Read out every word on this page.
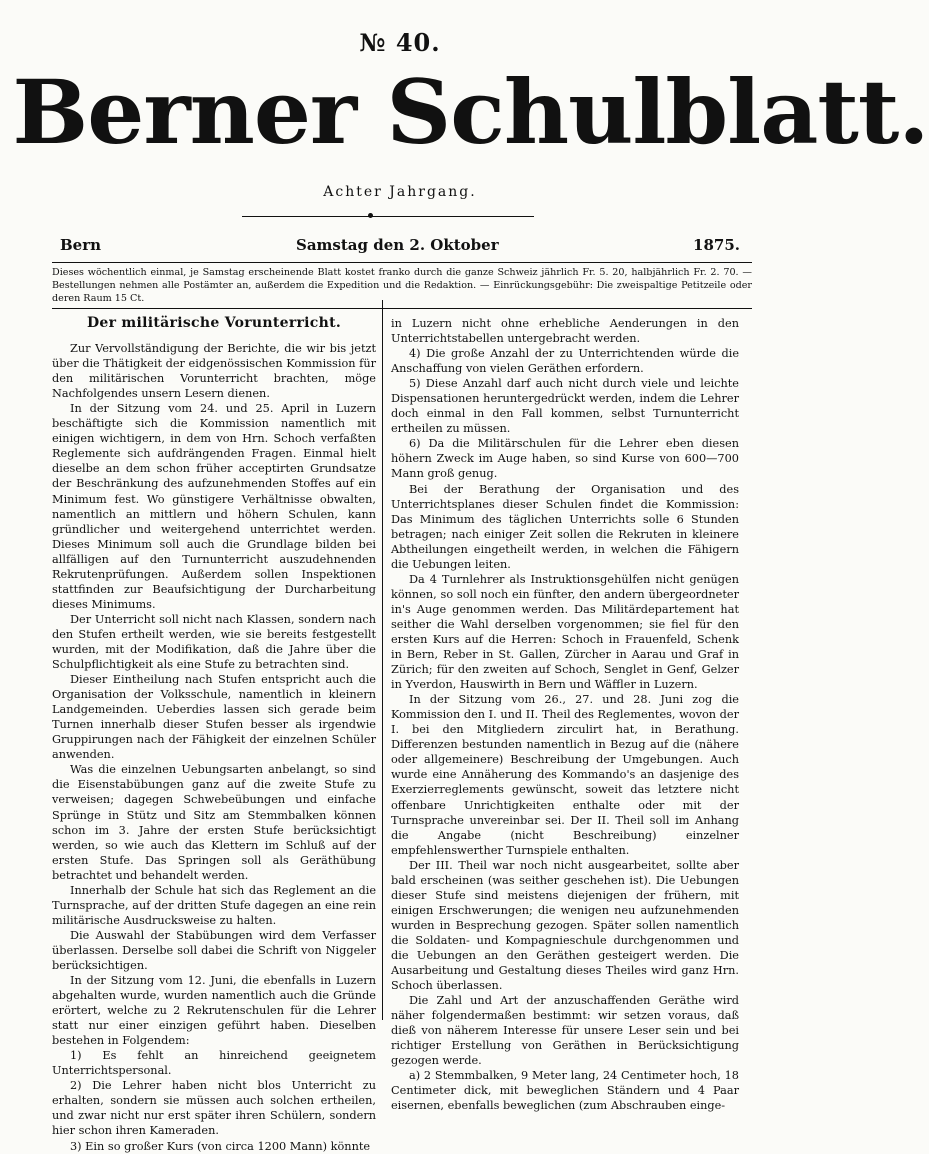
№ 40.
Berner Schulblatt.
Achter Jahrgang.
Bern	Samstag den 2. Oktober	1875.
Dieses wöchentlich einmal, je Samstag erscheinende Blatt kostet franko durch die ganze Schweiz jährlich Fr. 5. 20, halbjährlich Fr. 2. 70. — Bestellungen nehmen alle Postämter an, außerdem die Expedition und die Redaktion. — Einrückungsgebühr: Die zweispaltige Petitzeile oder deren Raum 15 Ct.
Der militärische Vorunterricht.

Zur Vervollständigung der Berichte, die wir bis jetzt über die Thätigkeit der eidgenössischen Kommission für den militärischen Vorunterricht brachten, möge Nachfolgendes unsern Lesern dienen.

In der Sitzung vom 24. und 25. April in Luzern beschäftigte sich die Kommission namentlich mit einigen wichtigern, in dem von Hrn. Schoch verfaßten Reglemente sich aufdrängenden Fragen. Einmal hielt dieselbe an dem schon früher acceptirten Grundsatze der Beschränkung des aufzunehmenden Stoffes auf ein Minimum fest. Wo günstigere Verhältnisse obwalten, namentlich an mittlern und höhern Schulen, kann gründlicher und weitergehend unterrichtet werden. Dieses Minimum soll auch die Grundlage bilden bei allfälligen auf den Turnunterricht auszudehnenden Rekrutenprüfungen. Außerdem sollen Inspektionen stattfinden zur Beaufsichtigung der Durcharbeitung dieses Minimums.

Der Unterricht soll nicht nach Klassen, sondern nach den Stufen ertheilt werden, wie sie bereits festgestellt wurden, mit der Modifikation, daß die Jahre über die Schulpflichtigkeit als eine Stufe zu betrachten sind.

Dieser Eintheilung nach Stufen entspricht auch die Organisation der Volksschule, namentlich in kleinern Landgemeinden. Ueberdies lassen sich gerade beim Turnen innerhalb dieser Stufen besser als irgendwie Gruppirungen nach der Fähigkeit der einzelnen Schüler anwenden.

Was die einzelnen Uebungsarten anbelangt, so sind die Eisenstabübungen ganz auf die zweite Stufe zu verweisen; dagegen Schwebeübungen und einfache Sprünge in Stütz und Sitz am Stemmbalken können schon im 3. Jahre der ersten Stufe berücksichtigt werden, so wie auch das Klettern im Schluß auf der ersten Stufe. Das Springen soll als Geräthübung betrachtet und behandelt werden.

Innerhalb der Schule hat sich das Reglement an die Turnsprache, auf der dritten Stufe dagegen an eine rein militärische Ausdrucksweise zu halten.

Die Auswahl der Stabübungen wird dem Verfasser überlassen. Derselbe soll dabei die Schrift von Niggeler berücksichtigen.

In der Sitzung vom 12. Juni, die ebenfalls in Luzern abgehalten wurde, wurden namentlich auch die Gründe erörtert, welche zu 2 Rekrutenschulen für die Lehrer statt nur einer einzigen geführt haben. Dieselben bestehen in Folgendem:

1) Es fehlt an hinreichend geeignetem Unterrichtspersonal.

2) Die Lehrer haben nicht blos Unterricht zu erhalten, sondern sie müssen auch solchen ertheilen, und zwar nicht nur erst später ihren Schülern, sondern hier schon ihren Kameraden.

3) Ein so großer Kurs (von circa 1200 Mann) könnte

in Luzern nicht ohne erhebliche Aenderungen in den Unterrichtstabellen untergebracht werden.

4) Die große Anzahl der zu Unterrichtenden würde die Anschaffung von vielen Geräthen erfordern.

5) Diese Anzahl darf auch nicht durch viele und leichte Dispensationen heruntergedrückt werden, indem die Lehrer doch einmal in den Fall kommen, selbst Turnunterricht ertheilen zu müssen.

6) Da die Militärschulen für die Lehrer eben diesen höhern Zweck im Auge haben, so sind Kurse von 600—700 Mann groß genug.

Bei der Berathung der Organisation und des Unterrichtsplanes dieser Schulen findet die Kommission: Das Minimum des täglichen Unterrichts solle 6 Stunden betragen; nach einiger Zeit sollen die Rekruten in kleinere Abtheilungen eingetheilt werden, in welchen die Fähigern die Uebungen leiten.

Da 4 Turnlehrer als Instruktionsgehülfen nicht genügen können, so soll noch ein fünfter, den andern übergeordneter in's Auge genommen werden. Das Militärdepartement hat seither die Wahl derselben vorgenommen; sie fiel für den ersten Kurs auf die Herren: Schoch in Frauenfeld, Schenk in Bern, Reber in St. Gallen, Zürcher in Aarau und Graf in Zürich; für den zweiten auf Schoch, Senglet in Genf, Gelzer in Yverdon, Hauswirth in Bern und Wäffler in Luzern.

In der Sitzung vom 26., 27. und 28. Juni zog die Kommission den I. und II. Theil des Reglementes, wovon der I. bei den Mitgliedern zirculirt hat, in Berathung. Differenzen bestunden namentlich in Bezug auf die (nähere oder allgemeinere) Beschreibung der Umgebungen. Auch wurde eine Annäherung des Kommando's an dasjenige des Exerzierreglements gewünscht, soweit das letztere nicht offenbare Unrichtigkeiten enthalte oder mit der Turnsprache unvereinbar sei. Der II. Theil soll im Anhang die Angabe (nicht Beschreibung) einzelner empfehlenswerther Turnspiele enthalten.

Der III. Theil war noch nicht ausgearbeitet, sollte aber bald erscheinen (was seither geschehen ist). Die Uebungen dieser Stufe sind meistens diejenigen der frühern, mit einigen Erschwerungen; die wenigen neu aufzunehmenden wurden in Besprechung gezogen. Später sollen namentlich die Soldaten- und Kompagnieschule durchgenommen und die Uebungen an den Geräthen gesteigert werden. Die Ausarbeitung und Gestaltung dieses Theiles wird ganz Hrn. Schoch überlassen.

Die Zahl und Art der anzuschaffenden Geräthe wird näher folgendermaßen bestimmt: wir setzen voraus, daß dieß von näherem Interesse für unsere Leser sein und bei richtiger Erstellung von Geräthen in Berücksichtigung gezogen werde.

a) 2 Stemmbalken, 9 Meter lang, 24 Centimeter hoch, 18 Centimeter dick, mit beweglichen Ständern und 4 Paar eisernen, ebenfalls beweglichen (zum Abschrauben einge-
